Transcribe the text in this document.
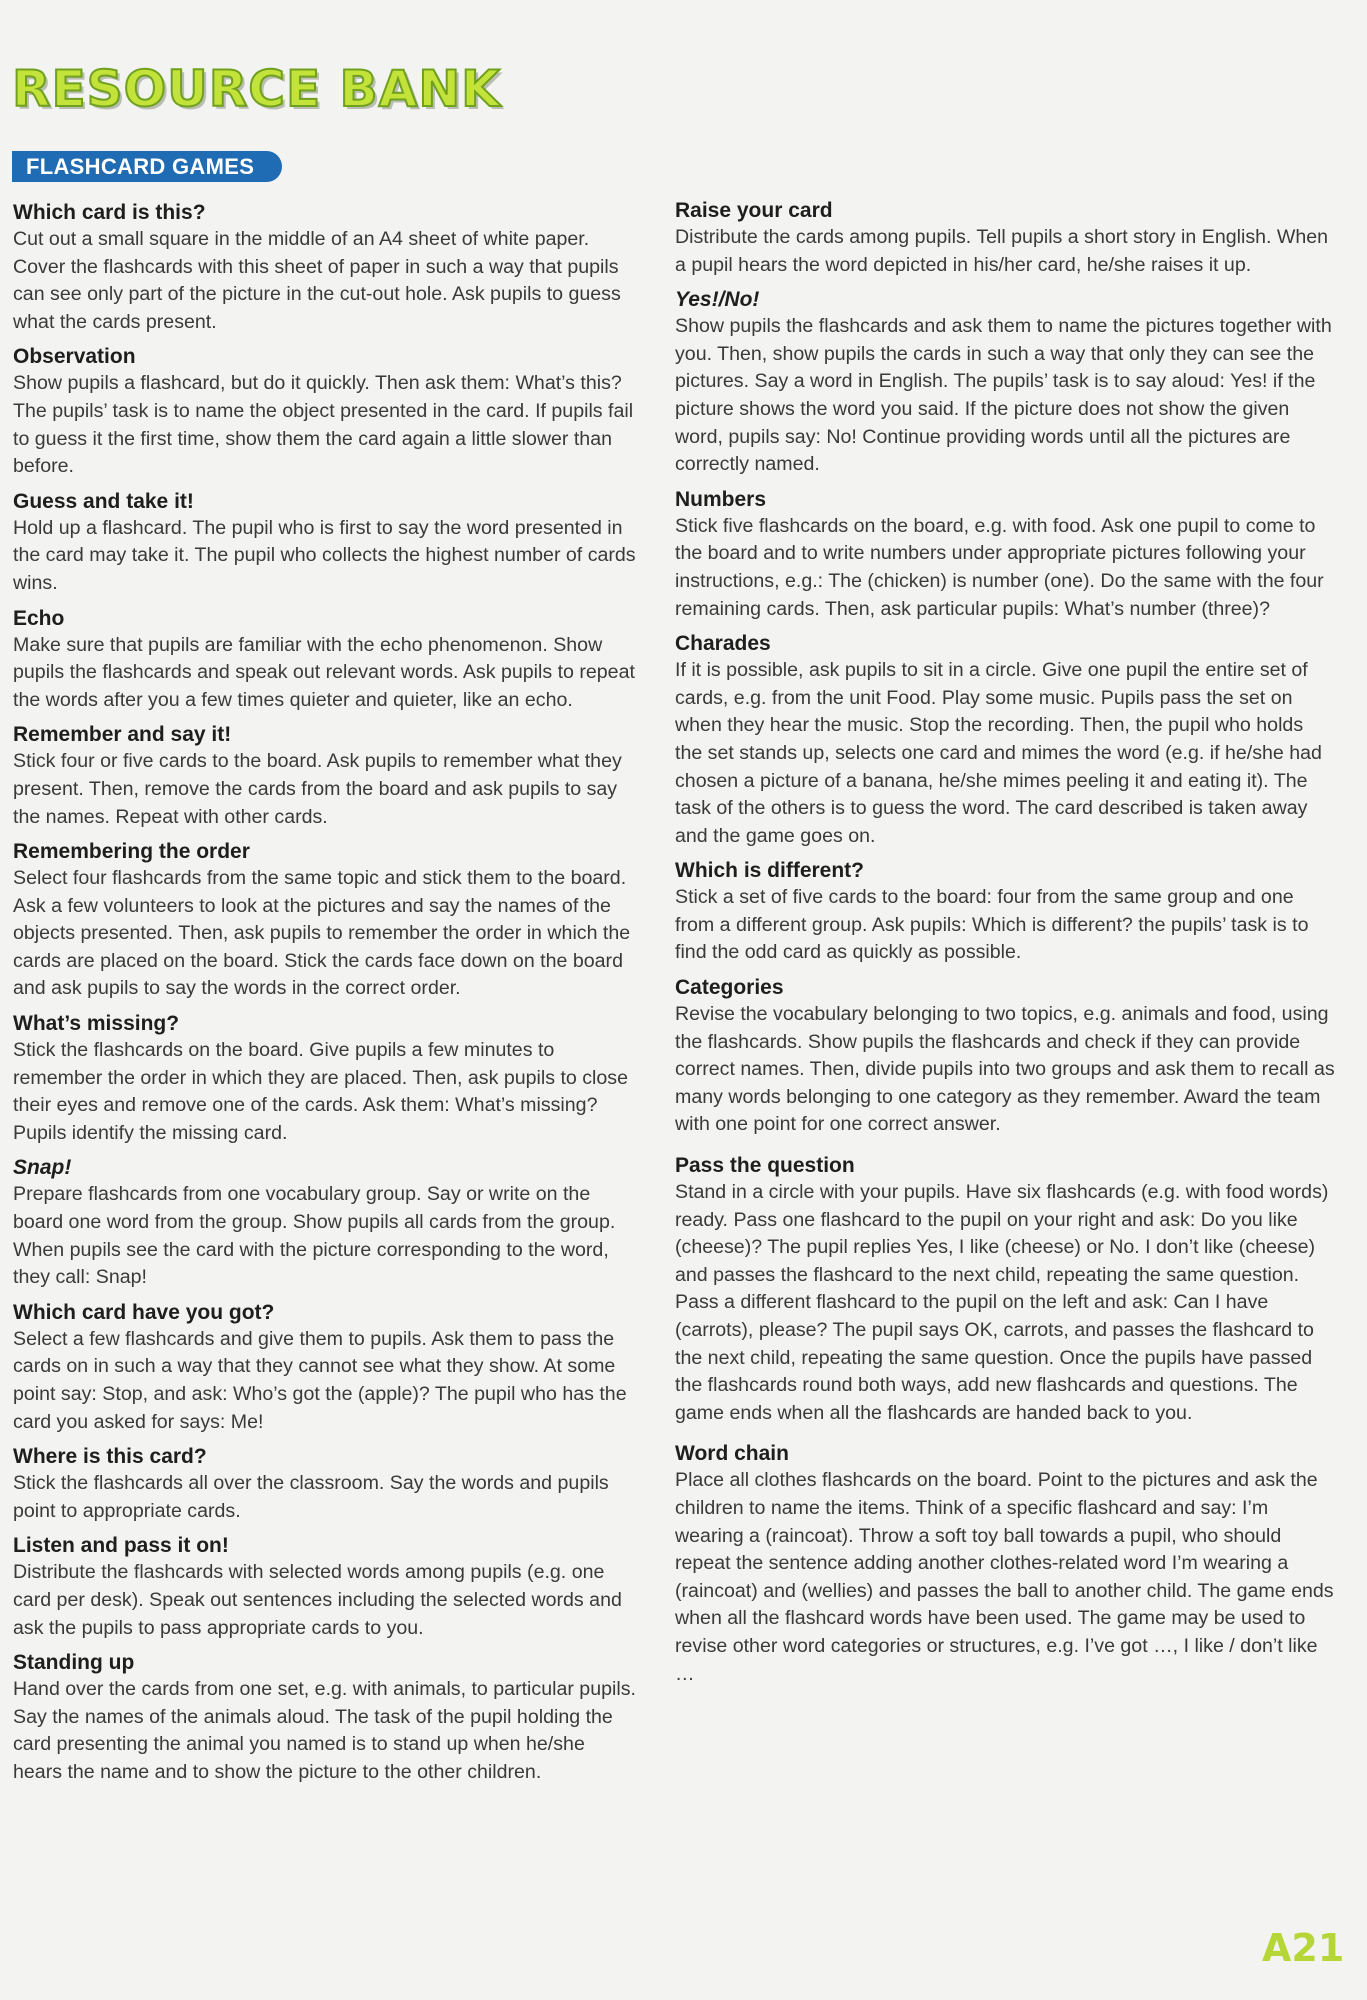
RESOURCE BANK
FLASHCARD GAMES
Which card is this?

Cut out a small square in the middle of an A4 sheet of white paper. Cover the flashcards with this sheet of paper in such a way that pupils can see only part of the picture in the cut-out hole. Ask pupils to guess what the cards present.

Observation

Show pupils a flashcard, but do it quickly. Then ask them: What’s this? The pupils’ task is to name the object presented in the card. If pupils fail to guess it the first time, show them the card again a little slower than before.

Guess and take it!

Hold up a flashcard. The pupil who is first to say the word presented in the card may take it. The pupil who collects the highest number of cards wins.

Echo

Make sure that pupils are familiar with the echo phenomenon. Show pupils the flashcards and speak out relevant words. Ask pupils to repeat the words after you a few times quieter and quieter, like an echo.

Remember and say it!

Stick four or five cards to the board. Ask pupils to remember what they present. Then, remove the cards from the board and ask pupils to say the names. Repeat with other cards.

Remembering the order

Select four flashcards from the same topic and stick them to the board. Ask a few volunteers to look at the pictures and say the names of the objects presented. Then, ask pupils to remember the order in which the cards are placed on the board. Stick the cards face down on the board and ask pupils to say the words in the correct order.

What’s missing?

Stick the flashcards on the board. Give pupils a few minutes to remember the order in which they are placed. Then, ask pupils to close their eyes and remove one of the cards. Ask them: What’s missing? Pupils identify the missing card.

Snap!

Prepare flashcards from one vocabulary group. Say or write on the board one word from the group. Show pupils all cards from the group. When pupils see the card with the picture corresponding to the word, they call: Snap!

Which card have you got?

Select a few flashcards and give them to pupils. Ask them to pass the cards on in such a way that they cannot see what they show. At some point say: Stop, and ask: Who’s got the (apple)? The pupil who has the card you asked for says: Me!

Where is this card?

Stick the flashcards all over the classroom. Say the words and pupils point to appropriate cards.

Listen and pass it on!

Distribute the flashcards with selected words among pupils (e.g. one card per desk). Speak out sentences including the selected words and ask the pupils to pass appropriate cards to you.

Standing up

Hand over the cards from one set, e.g. with animals, to particular pupils. Say the names of the animals aloud. The task of the pupil holding the card presenting the animal you named is to stand up when he/she hears the name and to show the picture to the other children.

Raise your card

Distribute the cards among pupils. Tell pupils a short story in English. When a pupil hears the word depicted in his/her card, he/she raises it up.

Yes!/No!

Show pupils the flashcards and ask them to name the pictures together with you. Then, show pupils the cards in such a way that only they can see the pictures. Say a word in English. The pupils’ task is to say aloud: Yes! if the picture shows the word you said. If the picture does not show the given word, pupils say: No! Continue providing words until all the pictures are correctly named.

Numbers

Stick five flashcards on the board, e.g. with food. Ask one pupil to come to the board and to write numbers under appropriate pictures following your instructions, e.g.: The (chicken) is number (one). Do the same with the four remaining cards. Then, ask particular pupils: What’s number (three)?

Charades

If it is possible, ask pupils to sit in a circle. Give one pupil the entire set of cards, e.g. from the unit Food. Play some music. Pupils pass the set on when they hear the music. Stop the recording. Then, the pupil who holds the set stands up, selects one card and mimes the word (e.g. if he/she had chosen a picture of a banana, he/she mimes peeling it and eating it). The task of the others is to guess the word. The card described is taken away and the game goes on.

Which is different?

Stick a set of five cards to the board: four from the same group and one from a different group. Ask pupils: Which is different? the pupils’ task is to find the odd card as quickly as possible.

Categories

Revise the vocabulary belonging to two topics, e.g. animals and food, using the flashcards. Show pupils the flashcards and check if they can provide correct names. Then, divide pupils into two groups and ask them to recall as many words belonging to one category as they remember. Award the team with one point for one correct answer.

Pass the question

Stand in a circle with your pupils. Have six flashcards (e.g. with food words) ready. Pass one flashcard to the pupil on your right and ask: Do you like (cheese)? The pupil replies Yes, I like (cheese) or No. I don’t like (cheese) and passes the flashcard to the next child, repeating the same question. Pass a different flashcard to the pupil on the left and ask: Can I have (carrots), please? The pupil says OK, carrots, and passes the flashcard to the next child, repeating the same question. Once the pupils have passed the flashcards round both ways, add new flashcards and questions. The game ends when all the flashcards are handed back to you.

Word chain

Place all clothes flashcards on the board. Point to the pictures and ask the children to name the items. Think of a specific flashcard and say: I’m wearing a (raincoat). Throw a soft toy ball towards a pupil, who should repeat the sentence adding another clothes-related word I’m wearing a (raincoat) and (wellies) and passes the ball to another child. The game ends when all the flashcard words have been used. The game may be used to revise other word categories or structures, e.g. I’ve got …, I like / don’t like …

A21
